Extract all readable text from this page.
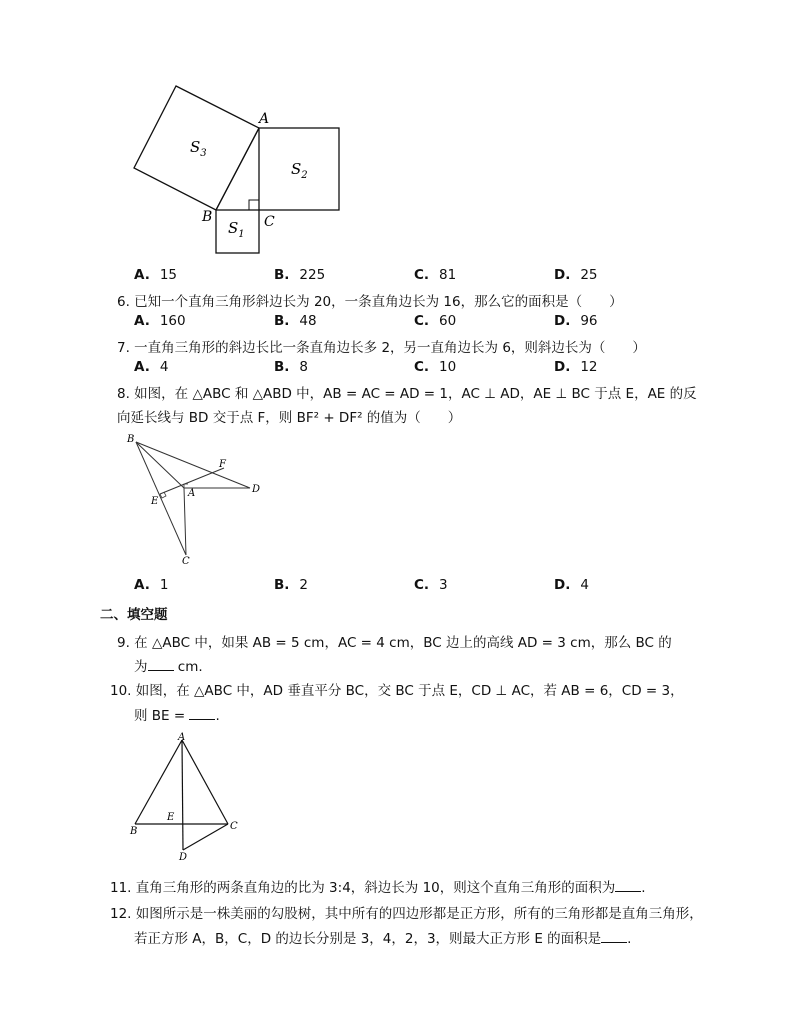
$S_3$
$S_2$
$S_1$
A
B	C
A. 15	B. 225	C. 81	D. 25
6. 已知一个直角三角形斜边长为 20，一条直角边长为 16，那么它的面积是（　　）
A. 160	B. 48	C. 60	D. 96
7. 一直角三角形的斜边长比一条直角边长多 2，另一直角边长为 6，则斜边长为（　　）
A. 4	B. 8	C. 10	D. 12
8. 如图，在 △ABC 和 △ABD 中，AB = AC = AD = 1，AC ⊥ AD，AE ⊥ BC 于点 E，AE 的反
向延长线与 BD 交于点 F，则 BF² + DF² 的值为（　　）
B
F
E
A	D
C
A. 1	B. 2	C. 3	D. 4
二、填空题
9. 在 △ABC 中，如果 AB = 5 cm，AC = 4 cm，BC 边上的高线 AD = 3 cm，那么 BC 的
为 cm.
10. 如图，在 △ABC 中，AD 垂直平分 BC，交 BC 于点 E，CD ⊥ AC，若 AB = 6，CD = 3，
则 BE = .
A
B
E
C
D
11. 直角三角形的两条直角边的比为 3:4，斜边长为 10，则这个直角三角形的面积为 .
12. 如图所示是一株美丽的勾股树，其中所有的四边形都是正方形，所有的三角形都是直角三角形，
若正方形 A，B，C，D 的边长分别是 3，4，2，3，则最大正方形 E 的面积是 .
